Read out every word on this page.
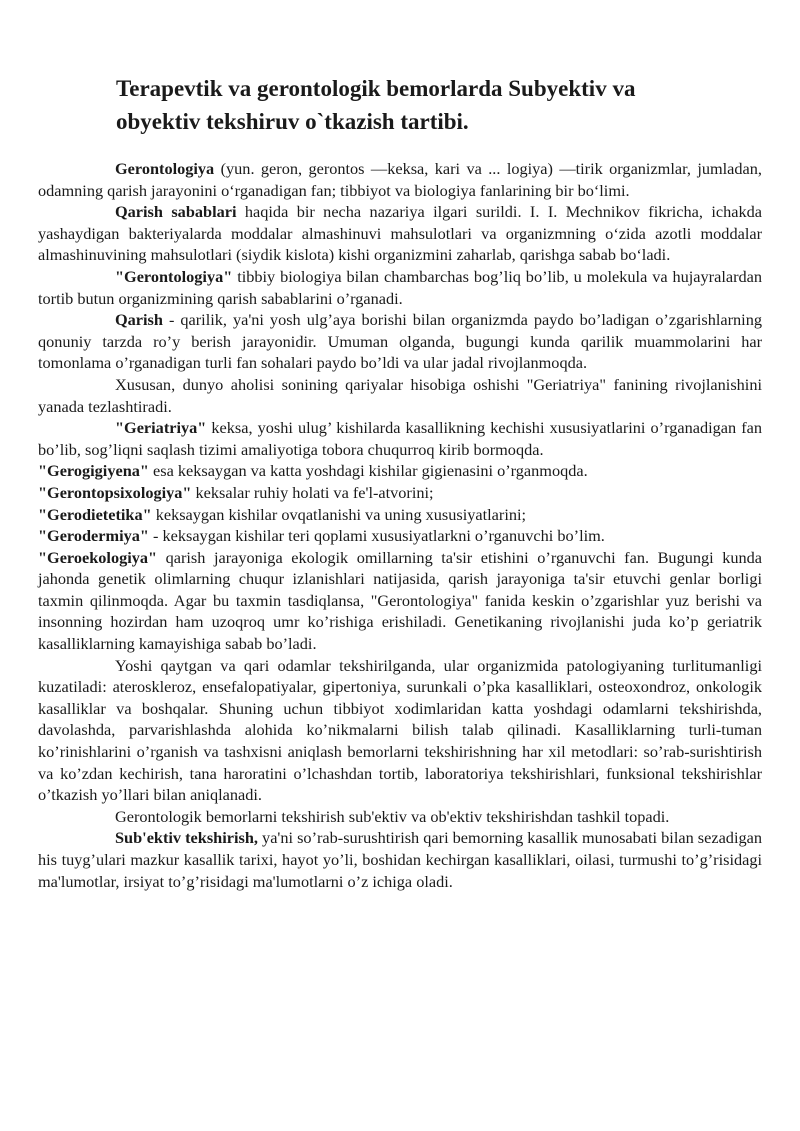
Terapevtik va gerontologik bemorlarda Subyektiv va obyektiv tekshiruv o`tkazish tartibi.

Gerontologiya (yun. geron, gerontos —keksa, kari va ... logiya) —tirik organizmlar, jumladan, odamning qarish jarayonini oʻrganadigan fan; tibbiyot va biologiya fanlarining bir boʻlimi.

Qarish sabablari haqida bir necha nazariya ilgari surildi. I. I. Mechnikov fikricha, ichakda yashaydigan bakteriyalarda moddalar almashinuvi mahsulotlari va organizmning oʻzida azotli moddalar almashinuvining mahsulotlari (siydik kislota) kishi organizmini zaharlab, qarishga sabab boʻladi.

"Gerontologiya" tibbiy biologiya bilan chambarchas bog’liq bo’lib, u molekula va hujayralardan tortib butun organizmining qarish sabablarini o’rganadi.

Qarish - qarilik, ya'ni yosh ulg’aya borishi bilan organizmda paydo bo’ladigan o’zgarishlarning qonuniy tarzda ro’y berish jarayonidir. Umuman olganda, bugungi kunda qarilik muammolarini har tomonlama o’rganadigan turli fan sohalari paydo bo’ldi va ular jadal rivojlanmoqda.

Xususan, dunyo aholisi sonining qariyalar hisobiga oshishi "Geriatriya" fanining rivojlanishini yanada tezlashtiradi.

"Geriatriya" keksa, yoshi ulug’ kishilarda kasallikning kechishi xususiyatlarini o’rganadigan fan bo’lib, sog’liqni saqlash tizimi amaliyotiga tobora chuqurroq kirib bormoqda.

"Gerogigiyena" esa keksaygan va katta yoshdagi kishilar gigienasini o’rganmoqda.

"Gerontopsixologiya" keksalar ruhiy holati va fe'l-atvorini;

"Gerodietetika" keksaygan kishilar ovqatlanishi va uning xususiyatlarini;

"Gerodermiya" - keksaygan kishilar teri qoplami xususiyatlarkni o’rganuvchi bo’lim.

"Geroekologiya" qarish jarayoniga ekologik omillarning ta'sir etishini o’rganuvchi fan. Bugungi kunda jahonda genetik olimlarning chuqur izlanishlari natijasida, qarish jarayoniga ta'sir etuvchi genlar borligi taxmin qilinmoqda. Agar bu taxmin tasdiqlansa, "Gerontologiya" fanida keskin o’zgarishlar yuz berishi va insonning hozirdan ham uzoqroq umr ko’rishiga erishiladi. Genetikaning rivojlanishi juda ko’p geriatrik kasalliklarning kamayishiga sabab bo’ladi.

Yoshi qaytgan va qari odamlar tekshirilganda, ular organizmida patologiyaning turlitumanligi kuzatiladi: ateroskleroz, ensefalopatiyalar, gipertoniya, surunkali o’pka kasalliklari, osteoxondroz, onkologik kasalliklar va boshqalar. Shuning uchun tibbiyot xodimlaridan katta yoshdagi odamlarni tekshirishda, davolashda, parvarishlashda alohida ko’nikmalarni bilish talab qilinadi. Kasalliklarning turli-tuman ko’rinishlarini o’rganish va tashxisni aniqlash bemorlarni tekshirishning har xil metodlari: so’rab-surishtirish va ko’zdan kechirish, tana haroratini o’lchashdan tortib, laboratoriya tekshirishlari, funksional tekshirishlar o’tkazish yo’llari bilan aniqlanadi.

Gerontologik bemorlarni tekshirish sub'ektiv va ob'ektiv tekshirishdan tashkil topadi.

Sub'ektiv tekshirish, ya'ni so’rab-surushtirish qari bemorning kasallik munosabati bilan sezadigan his tuyg’ulari mazkur kasallik tarixi, hayot yo’li, boshidan kechirgan kasalliklari, oilasi, turmushi to’g’risidagi ma'lumotlar, irsiyat to’g’risidagi ma'lumotlarni o’z ichiga oladi.
